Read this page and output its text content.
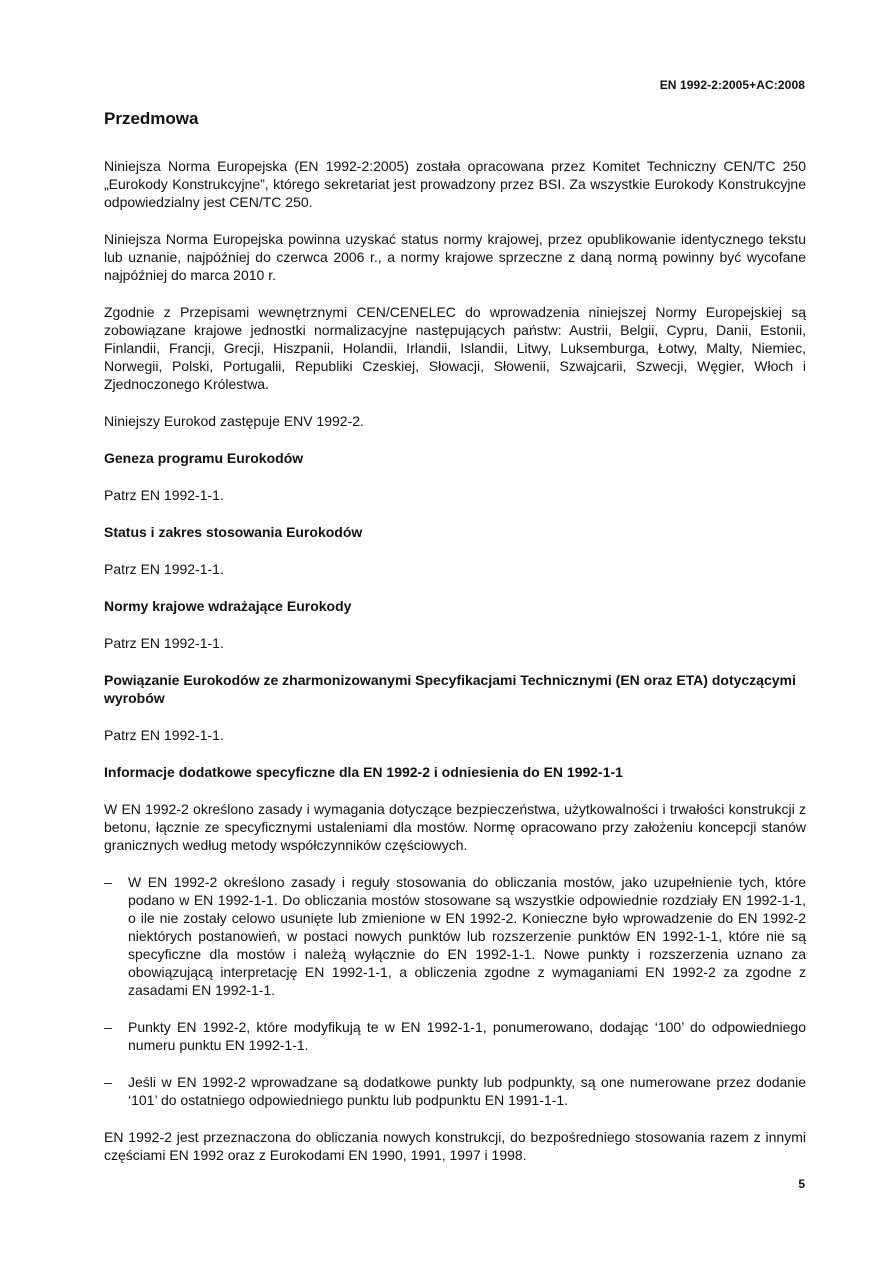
EN 1992-2:2005+AC:2008
Przedmowa

Niniejsza Norma Europejska (EN 1992-2:2005) została opracowana przez Komitet Techniczny CEN/TC 250 „Eurokody Konstrukcyjne”, którego sekretariat jest prowadzony przez BSI. Za wszystkie Eurokody Konstrukcyjne odpowiedzialny jest CEN/TC 250.

Niniejsza Norma Europejska powinna uzyskać status normy krajowej, przez opublikowanie identycznego tekstu lub uznanie, najpóźniej do czerwca 2006 r., a normy krajowe sprzeczne z daną normą powinny być wycofane najpóźniej do marca 2010 r.

Zgodnie z Przepisami wewnętrznymi CEN/CENELEC do wprowadzenia niniejszej Normy Europejskiej są zobowiązane krajowe jednostki normalizacyjne następujących państw: Austrii, Belgii, Cypru, Danii, Estonii, Finlandii, Francji, Grecji, Hiszpanii, Holandii, Irlandii, Islandii, Litwy, Luksemburga, Łotwy, Malty, Niemiec, Norwegii, Polski, Portugalii, Republiki Czeskiej, Słowacji, Słowenii, Szwajcarii, Szwecji, Węgier, Włoch i Zjednoczonego Królestwa.

Niniejszy Eurokod zastępuje ENV 1992-2.

Geneza programu Eurokodów

Patrz EN 1992-1-1.

Status i zakres stosowania Eurokodów

Patrz EN 1992-1-1.

Normy krajowe wdrażające Eurokody

Patrz EN 1992-1-1.

Powiązanie Eurokodów ze zharmonizowanymi Specyfikacjami Technicznymi (EN oraz ETA) dotyczącymi wyrobów

Patrz EN 1992-1-1.

Informacje dodatkowe specyficzne dla EN 1992-2 i odniesienia do EN 1992-1-1

W EN 1992-2 określono zasady i wymagania dotyczące bezpieczeństwa, użytkowalności i trwałości konstrukcji z betonu, łącznie ze specyficznymi ustaleniami dla mostów. Normę opracowano przy założeniu koncepcji stanów granicznych według metody współczynników częściowych.

– W EN 1992-2 określono zasady i reguły stosowania do obliczania mostów, jako uzupełnienie tych, które podano w EN 1992-1-1. Do obliczania mostów stosowane są wszystkie odpowiednie rozdziały EN 1992-1-1, o ile nie zostały celowo usunięte lub zmienione w EN 1992-2. Konieczne było wprowadzenie do EN 1992-2 niektórych postanowień, w postaci nowych punktów lub rozszerzenie punktów EN 1992-1-1, które nie są specyficzne dla mostów i należą wyłącznie do EN 1992-1-1. Nowe punkty i rozszerzenia uznano za obowiązującą interpretację EN 1992-1-1, a obliczenia zgodne z wymaganiami EN 1992-2 za zgodne z zasadami EN 1992-1-1.
– Punkty EN 1992-2, które modyfikują te w EN 1992-1-1, ponumerowano, dodając ‘100’ do odpowiedniego numeru punktu EN 1992-1-1.
– Jeśli w EN 1992-2 wprowadzane są dodatkowe punkty lub podpunkty, są one numerowane przez dodanie ‘101’ do ostatniego odpowiedniego punktu lub podpunktu EN 1991-1-1.

EN 1992-2 jest przeznaczona do obliczania nowych konstrukcji, do bezpośredniego stosowania razem z innymi częściami EN 1992 oraz z Eurokodami EN 1990, 1991, 1997 i 1998.

5
